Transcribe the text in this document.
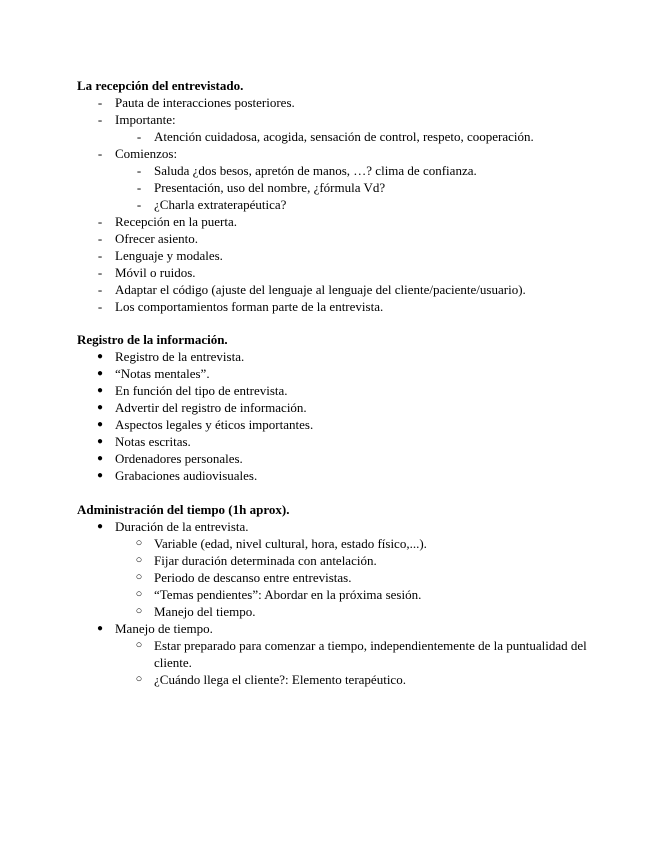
La recepción del entrevistado.

- Pauta de interacciones posteriores.
- Importante:
- Atención cuidadosa, acogida, sensación de control, respeto, cooperación.
- Comienzos:
- Saluda ¿dos besos, apretón de manos, …? clima de confianza.
- Presentación, uso del nombre, ¿fórmula Vd?
- ¿Charla extraterapéutica?
- Recepción en la puerta.
- Ofrecer asiento.
- Lenguaje y modales.
- Móvil o ruidos.
- Adaptar el código (ajuste del lenguaje al lenguaje del cliente/paciente/usuario).
- Los comportamientos forman parte de la entrevista.

Registro de la información.

● Registro de la entrevista.
● “Notas mentales”.
● En función del tipo de entrevista.
● Advertir del registro de información.
● Aspectos legales y éticos importantes.
● Notas escritas.
● Ordenadores personales.
● Grabaciones audiovisuales.

Administración del tiempo (1h aprox).

● Duración de la entrevista.
○ Variable (edad, nivel cultural, hora, estado físico,...).
○ Fijar duración determinada con antelación.
○ Periodo de descanso entre entrevistas.
○ “Temas pendientes”: Abordar en la próxima sesión.
○ Manejo del tiempo.
● Manejo de tiempo.
○ Estar preparado para comenzar a tiempo, independientemente de la puntualidad del cliente.
○ ¿Cuándo llega el cliente?: Elemento terapéutico.
